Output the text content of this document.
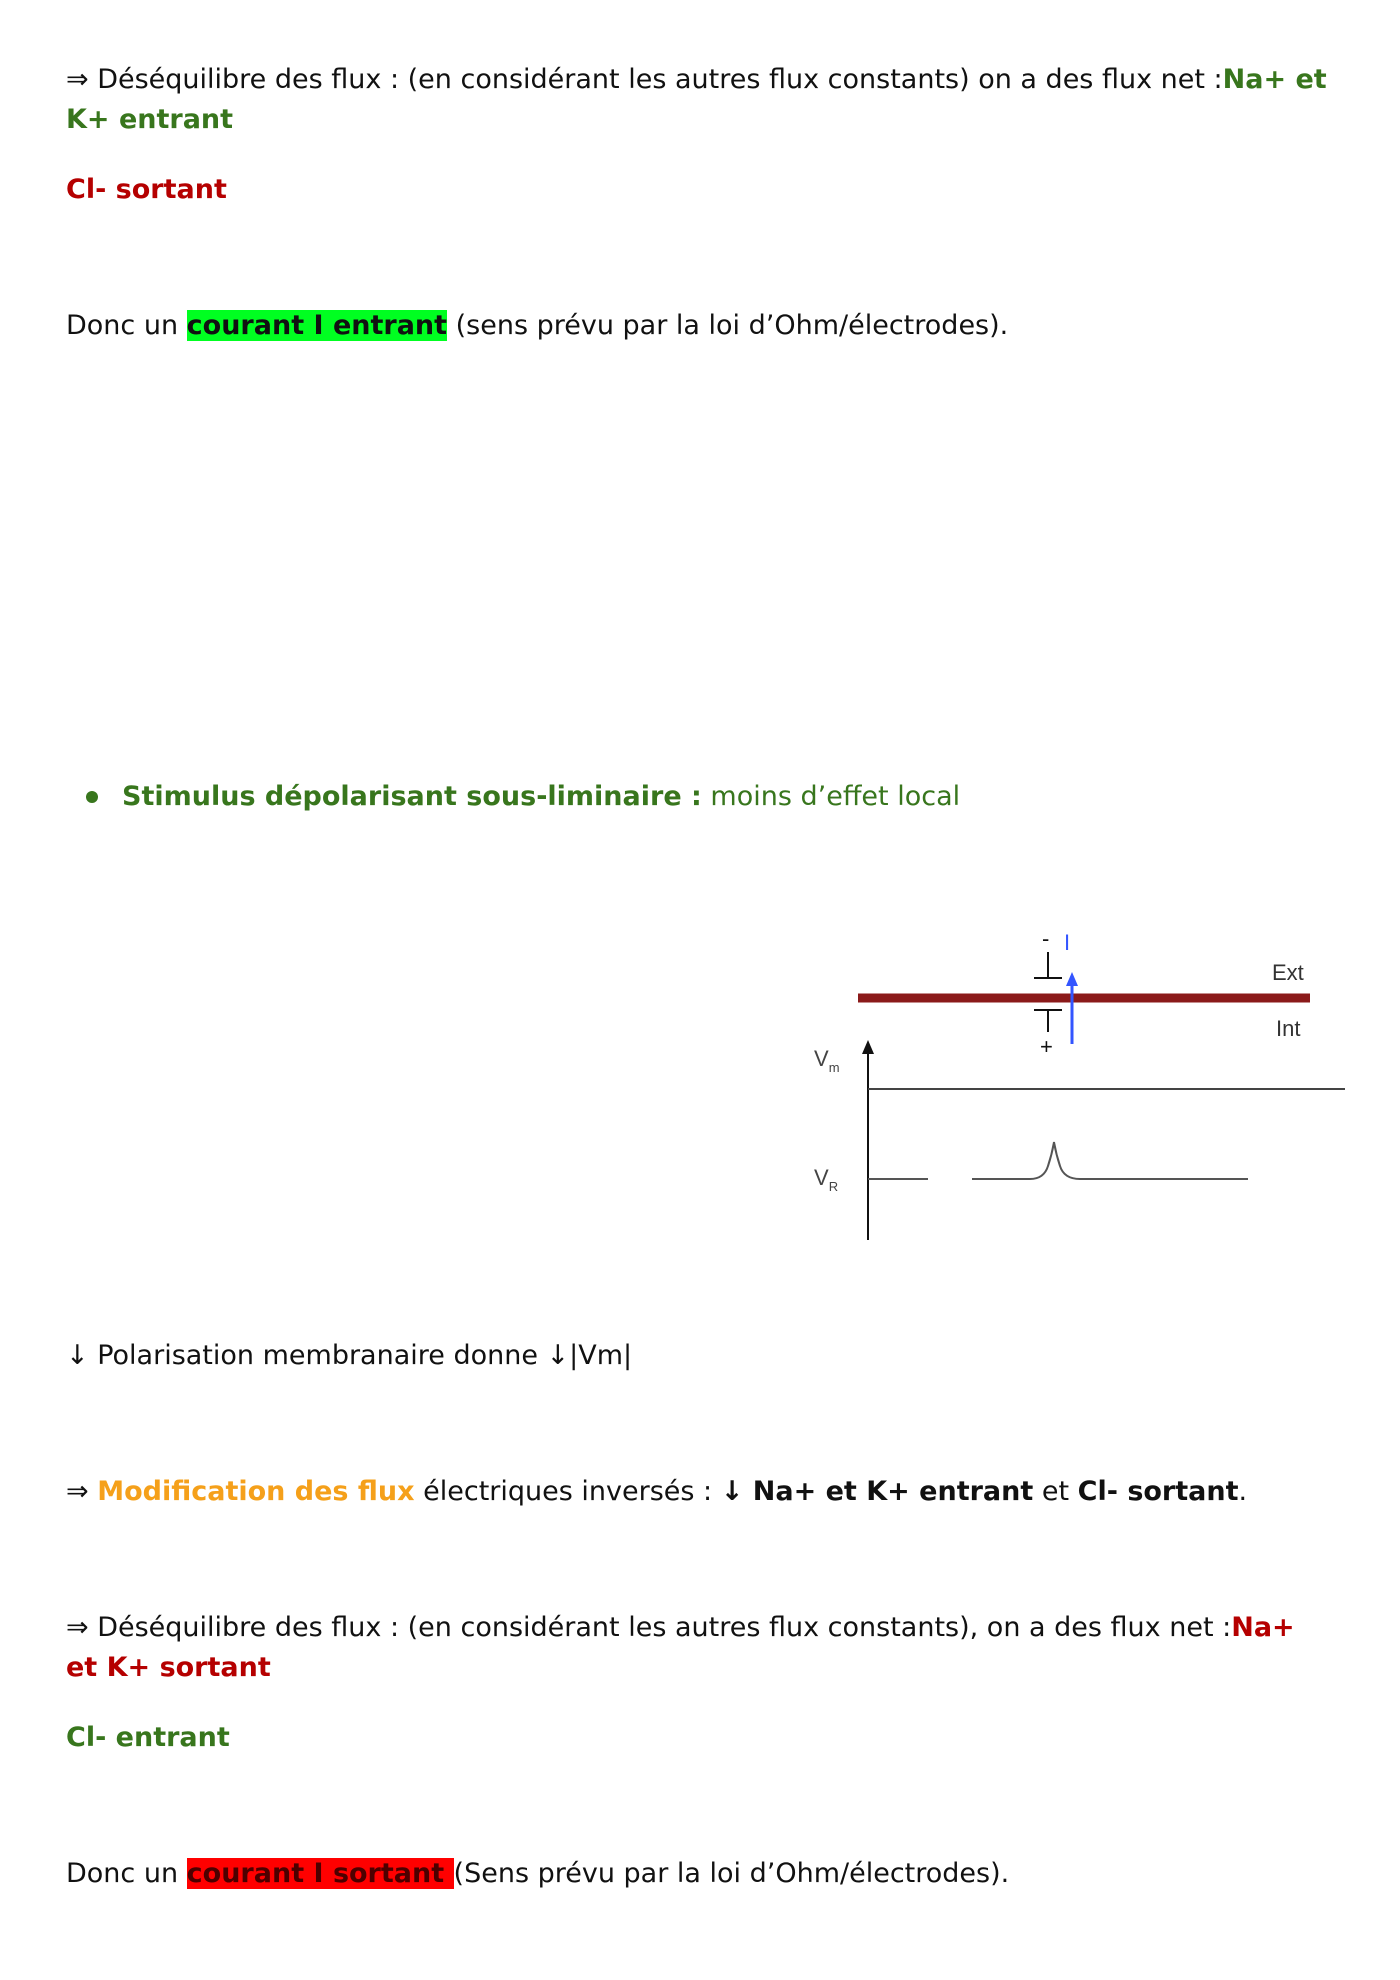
⇒ Déséquilibre des flux : (en considérant les autres flux constants) on a des flux net :Na+ et K+ entrant

Cl- sortant

Donc un courant I entrant (sens prévu par la loi d’Ohm/électrodes).

Stimulus dépolarisant sous-liminaire : moins d’effet local

- I
Ext
Int
+
$V_m$
$V_R$

↓ Polarisation membranaire donne ↓|Vm|

⇒ Modification des flux électriques inversés : ↓ Na+ et K+ entrant et Cl- sortant.

⇒ Déséquilibre des flux : (en considérant les autres flux constants), on a des flux net :Na+ et K+ sortant

Cl- entrant

Donc un courant I sortant (Sens prévu par la loi d’Ohm/électrodes).
